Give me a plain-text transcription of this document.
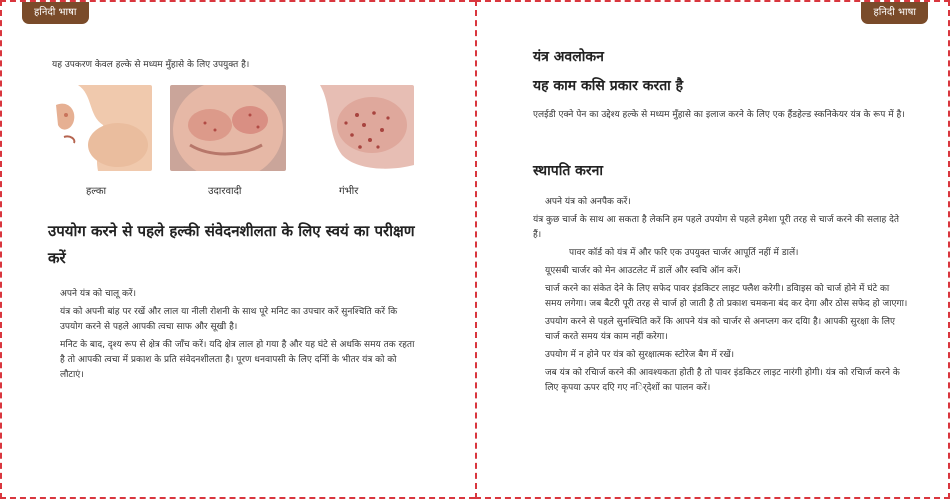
हनिदी भाषा	हनिदी भाषा
यह उपकरण केवल हल्के से मध्यम मुँहासे के लिए उपयुक्त है।
हल्का	उदारवादी	गंभीर
उपयोग करने से पहले हल्की संवेदनशीलता के लिए स्वयं का परीक्षण करें

अपने यंत्र को चालू करें।

यंत्र को अपनी बांह पर रखें और लाल या नीली रोशनी के साथ पूरे मनिट का उपचार करें सुनश्चिति करें कि उपयोग करने से पहले आपकी त्वचा साफ और सूखी है।

मनिट के बाद, दृश्य रूप से क्षेत्र की जाँच करें। यदि क्षेत्र लाल हो गया है और यह घंटे से अधकि समय तक रहता है तो आपकी त्वचा में प्रकाश के प्रति संवेदनशीलता है। पूरण धनवापसी के लिए दनिों के भीतर यंत्र को को लौटाएं।

यंत्र अवलोकन
यह काम कसि प्रकार करता है
एलईडी एक्ने पेन का उद्देश्य हल्के से मध्यम मुँहासे का इलाज करने के लिए एक हैंडहेल्ड स्कनिकेयर यंत्र के रूप में है।
स्थापति करना

अपने यंत्र को अनपैक करें।

यंत्र कुछ चार्ज के साथ आ सकता है लेकनि हम पहले उपयोग से पहले हमेशा पूरी तरह से चार्ज करने की सलाह देते हैं।

पावर कॉर्ड को यंत्र में और फरि एक उपयुक्त चार्जर आपूर्ति नहीं में डालें।

यूएसबी चार्जर को मेन आउटलेट में डालें और स्वचि ऑन करें।

चार्ज करने का संकेत देने के लिए सफेद पावर इंडकिटर लाइट फ्लैश करेगी। डवािइस को चार्ज होने में घंटे का समय लगेगा। जब बैटरी पूरी तरह से चार्ज हो जाती है तो प्रकाश चमकना बंद कर देगा और ठोस सफेद हो जाएगा।

उपयोग करने से पहले सुनश्चिति करें कि आपने यंत्र को चार्जर से अनप्लग कर दयिा है। आपकी सुरक्षा के लिए चार्ज करते समय यंत्र काम नहीं करेगा।

उपयोग में न होने पर यंत्र को सुरक्षात्मक स्टोरेज बैग में रखें।

जब यंत्र को रचिार्ज करने की आवश्यकता होती है तो पावर इंडकिटर लाइट नारंगी होगी। यंत्र को रचिार्ज करने के लिए कृपया ऊपर दएि गए नर्िदेशों का पालन करें।
